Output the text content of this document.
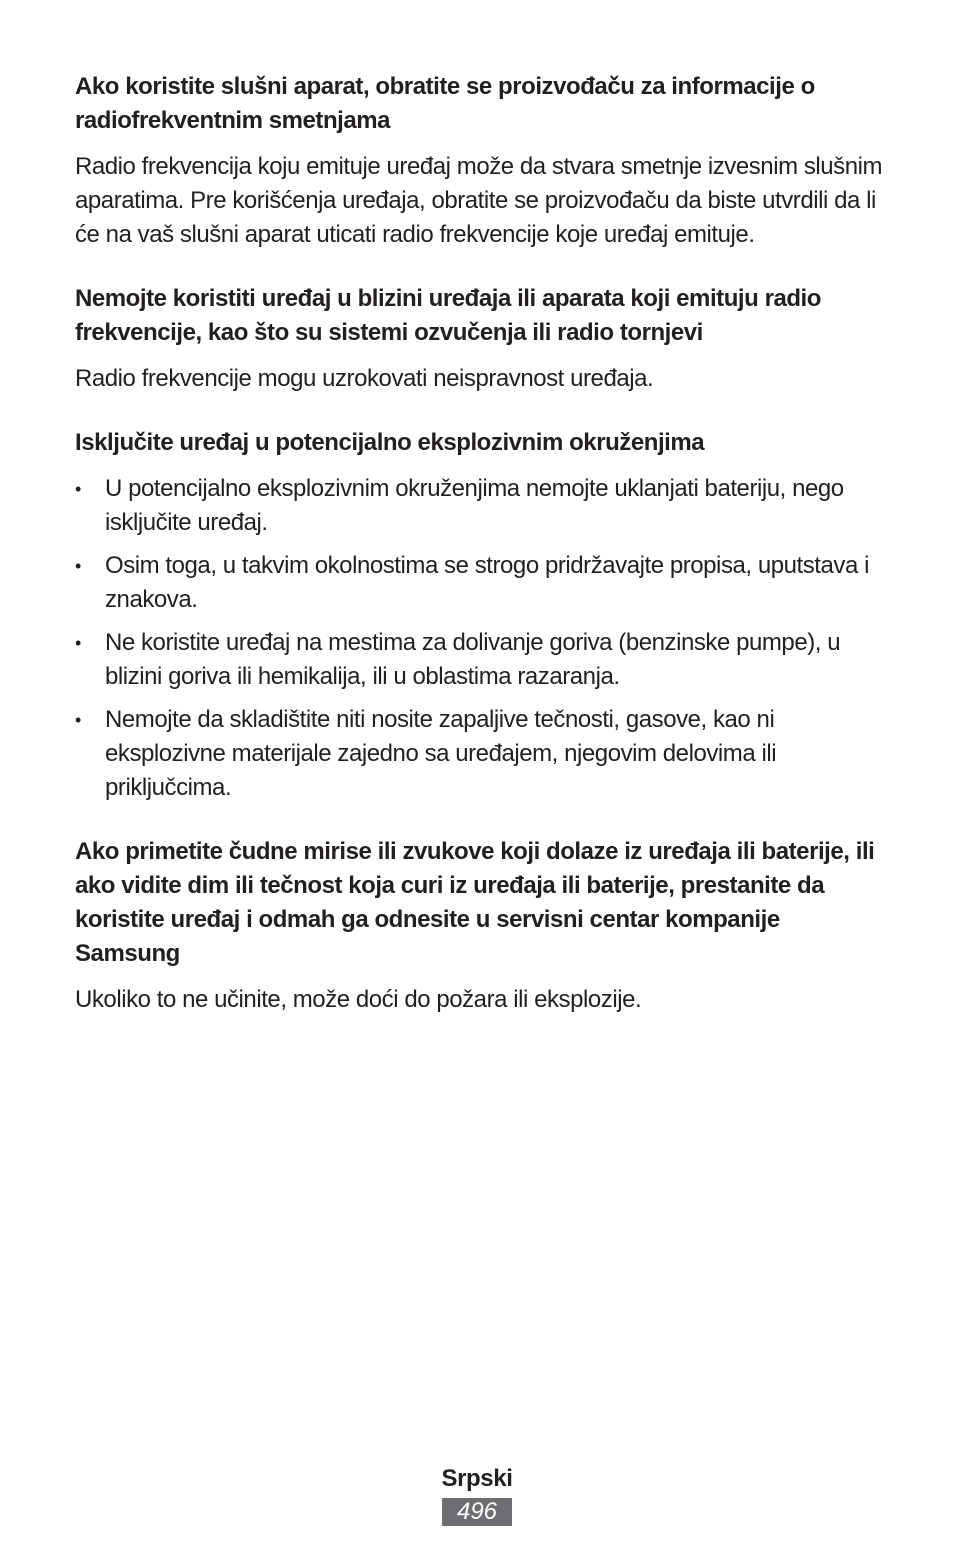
Ako koristite slušni aparat, obratite se proizvođaču za informacije o radiofrekventnim smetnjama

Radio frekvencija koju emituje uređaj može da stvara smetnje izvesnim slušnim aparatima. Pre korišćenja uređaja, obratite se proizvođaču da biste utvrdili da li će na vaš slušni aparat uticati radio frekvencije koje uređaj emituje.

Nemojte koristiti uređaj u blizini uređaja ili aparata koji emituju radio frekvencije, kao što su sistemi ozvučenja ili radio tornjevi

Radio frekvencije mogu uzrokovati neispravnost uređaja.

Isključite uređaj u potencijalno eksplozivnim okruženjima

•	U potencijalno eksplozivnim okruženjima nemojte uklanjati bateriju, nego isključite uređaj.
•	Osim toga, u takvim okolnostima se strogo pridržavajte propisa, uputstava i znakova.
•	Ne koristite uređaj na mestima za dolivanje goriva (benzinske pumpe), u blizini goriva ili hemikalija, ili u oblastima razaranja.
•	Nemojte da skladištite niti nosite zapaljive tečnosti, gasove, kao ni eksplozivne materijale zajedno sa uređajem, njegovim delovima ili priključcima.

Ako primetite čudne mirise ili zvukove koji dolaze iz uređaja ili baterije, ili ako vidite dim ili tečnost koja curi iz uređaja ili baterije, prestanite da koristite uređaj i odmah ga odnesite u servisni centar kompanije Samsung

Ukoliko to ne učinite, može doći do požara ili eksplozije.

Srpski
496
